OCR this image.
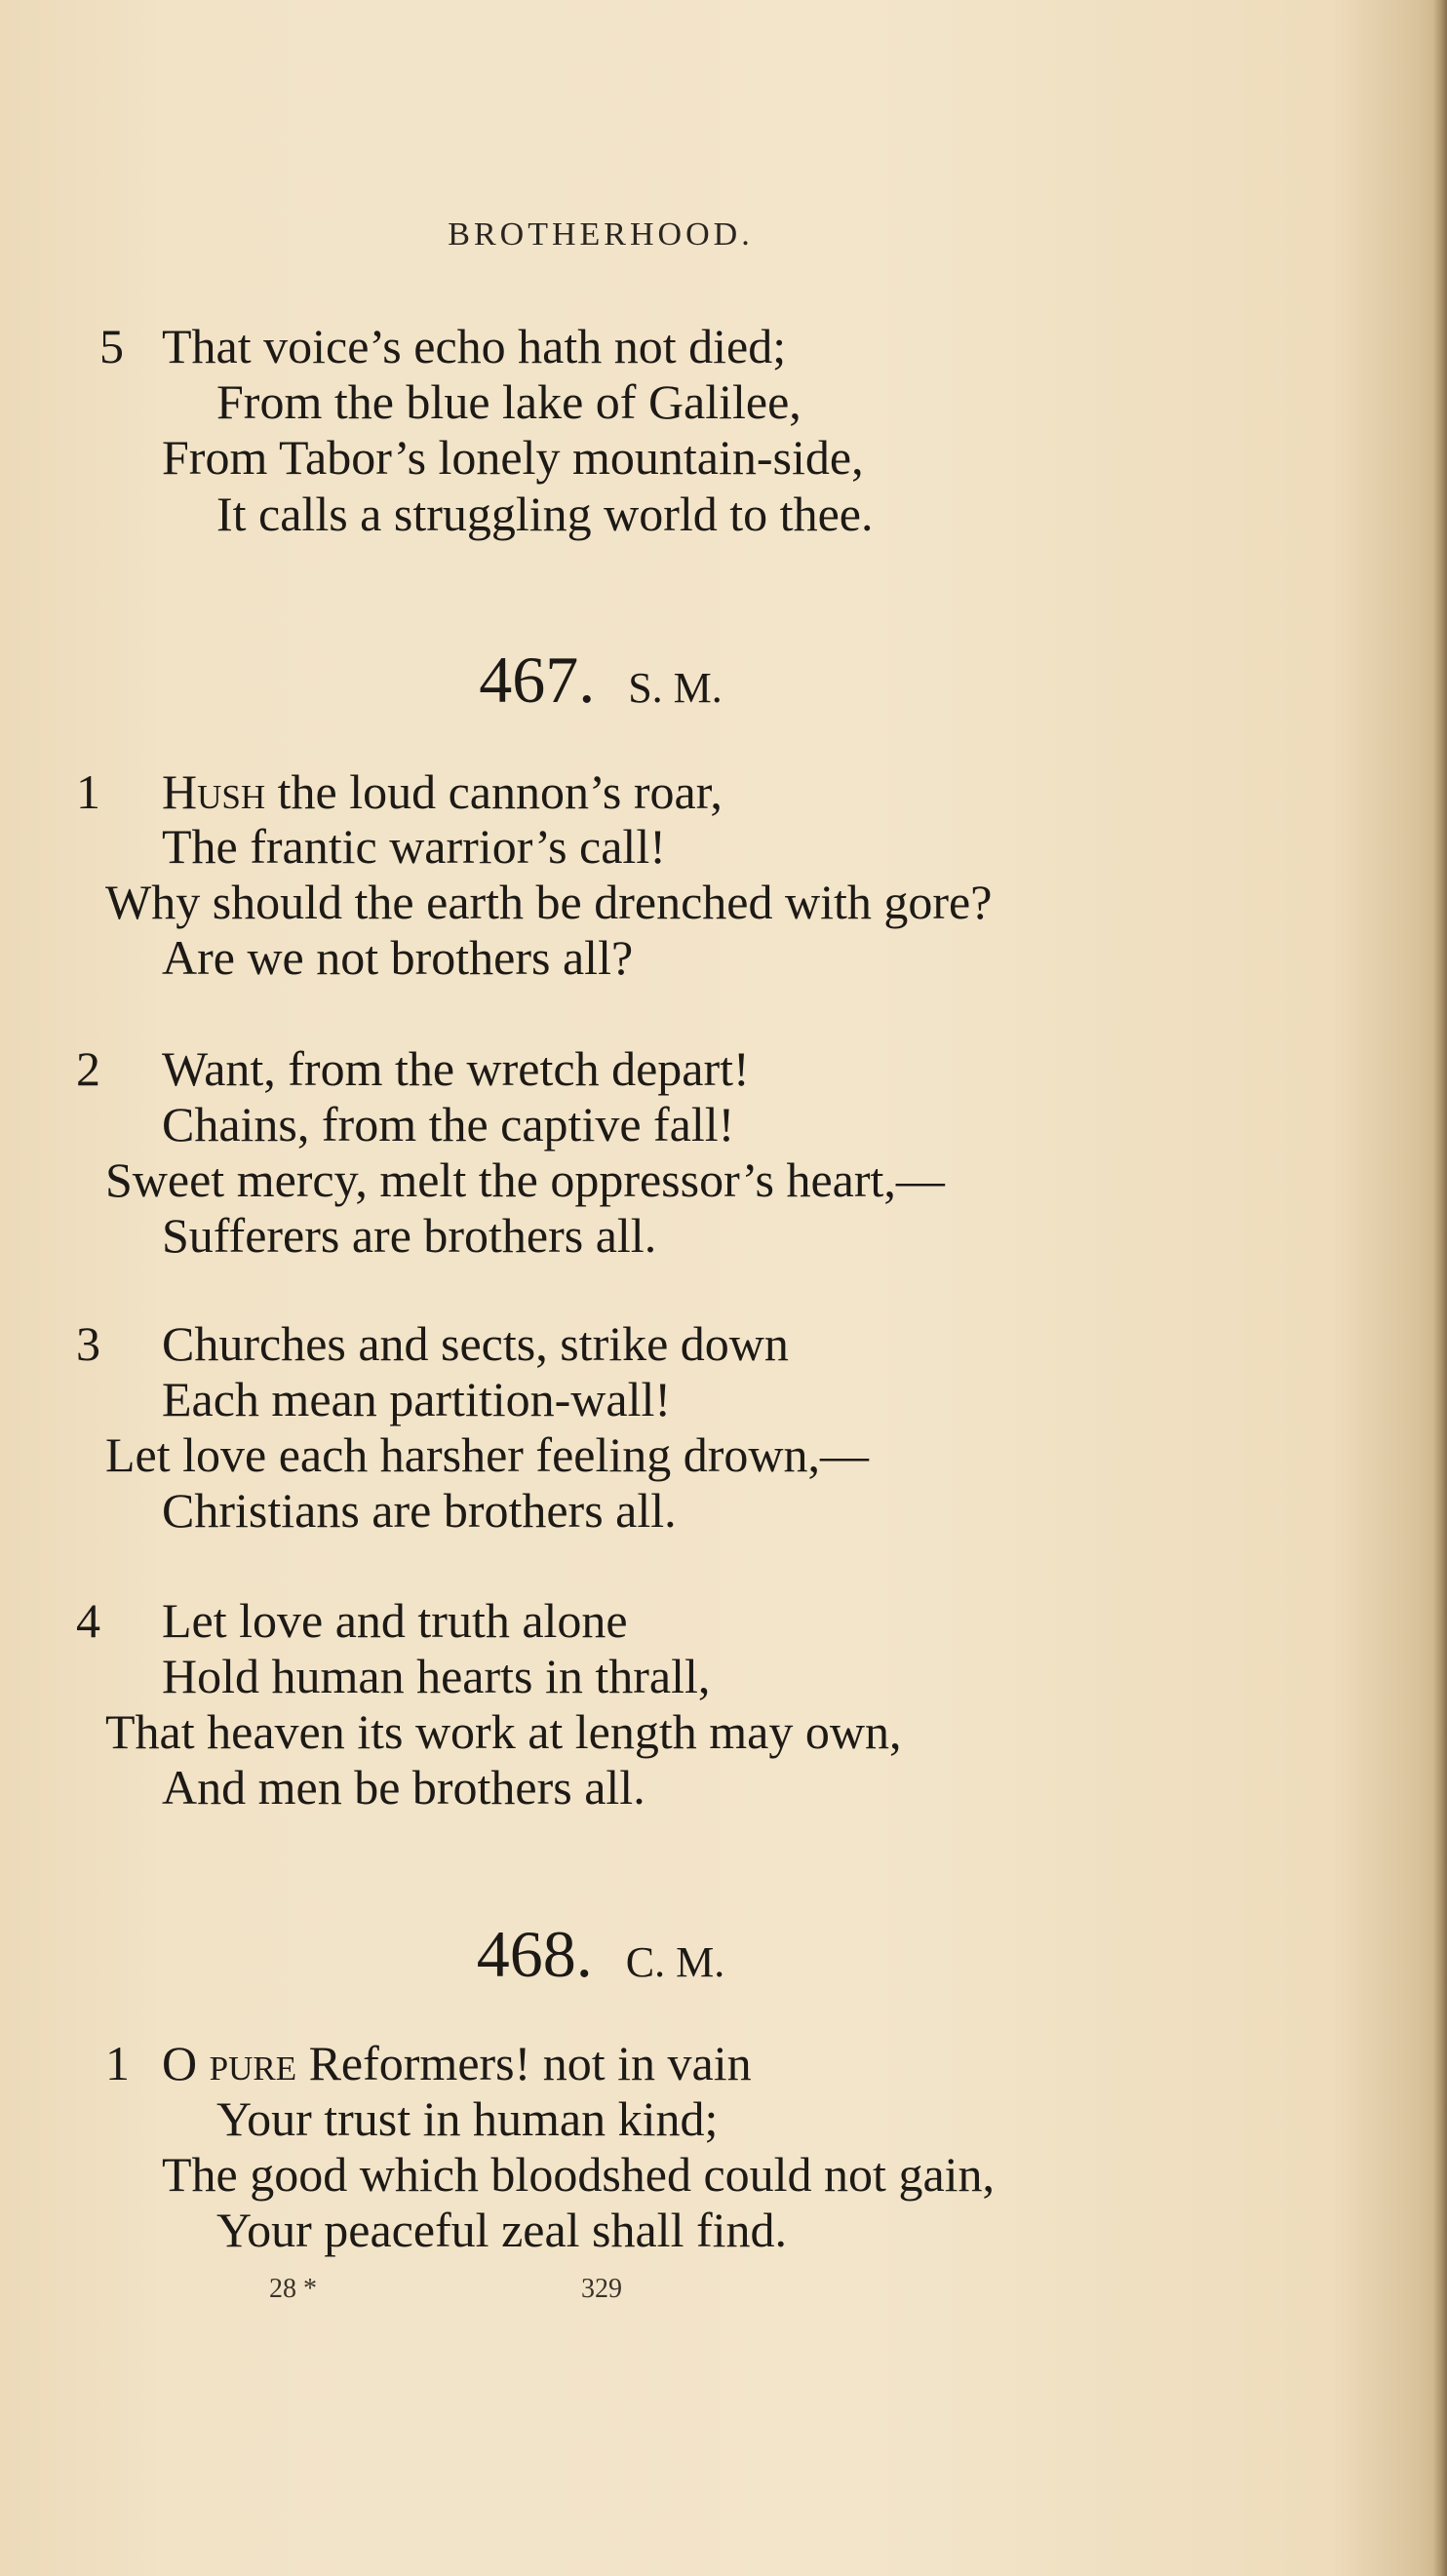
BROTHERHOOD.
5 That voice’s echo hath not died;
From the blue lake of Galilee,
From Tabor’s lonely mountain-side,
It calls a struggling world to thee.
467. S. M.
1 Hush the loud cannon’s roar,
The frantic warrior’s call!
Why should the earth be drenched with gore?
Are we not brothers all?
2 Want, from the wretch depart!
Chains, from the captive fall!
Sweet mercy, melt the oppressor’s heart,—
Sufferers are brothers all.
3 Churches and sects, strike down
Each mean partition-wall!
Let love each harsher feeling drown,—
Christians are brothers all.
4 Let love and truth alone
Hold human hearts in thrall,
That heaven its work at length may own,
And men be brothers all.
468. C. M.
1 O pure Reformers! not in vain
Your trust in human kind;
The good which bloodshed could not gain,
Your peaceful zeal shall find.
28 *	329
